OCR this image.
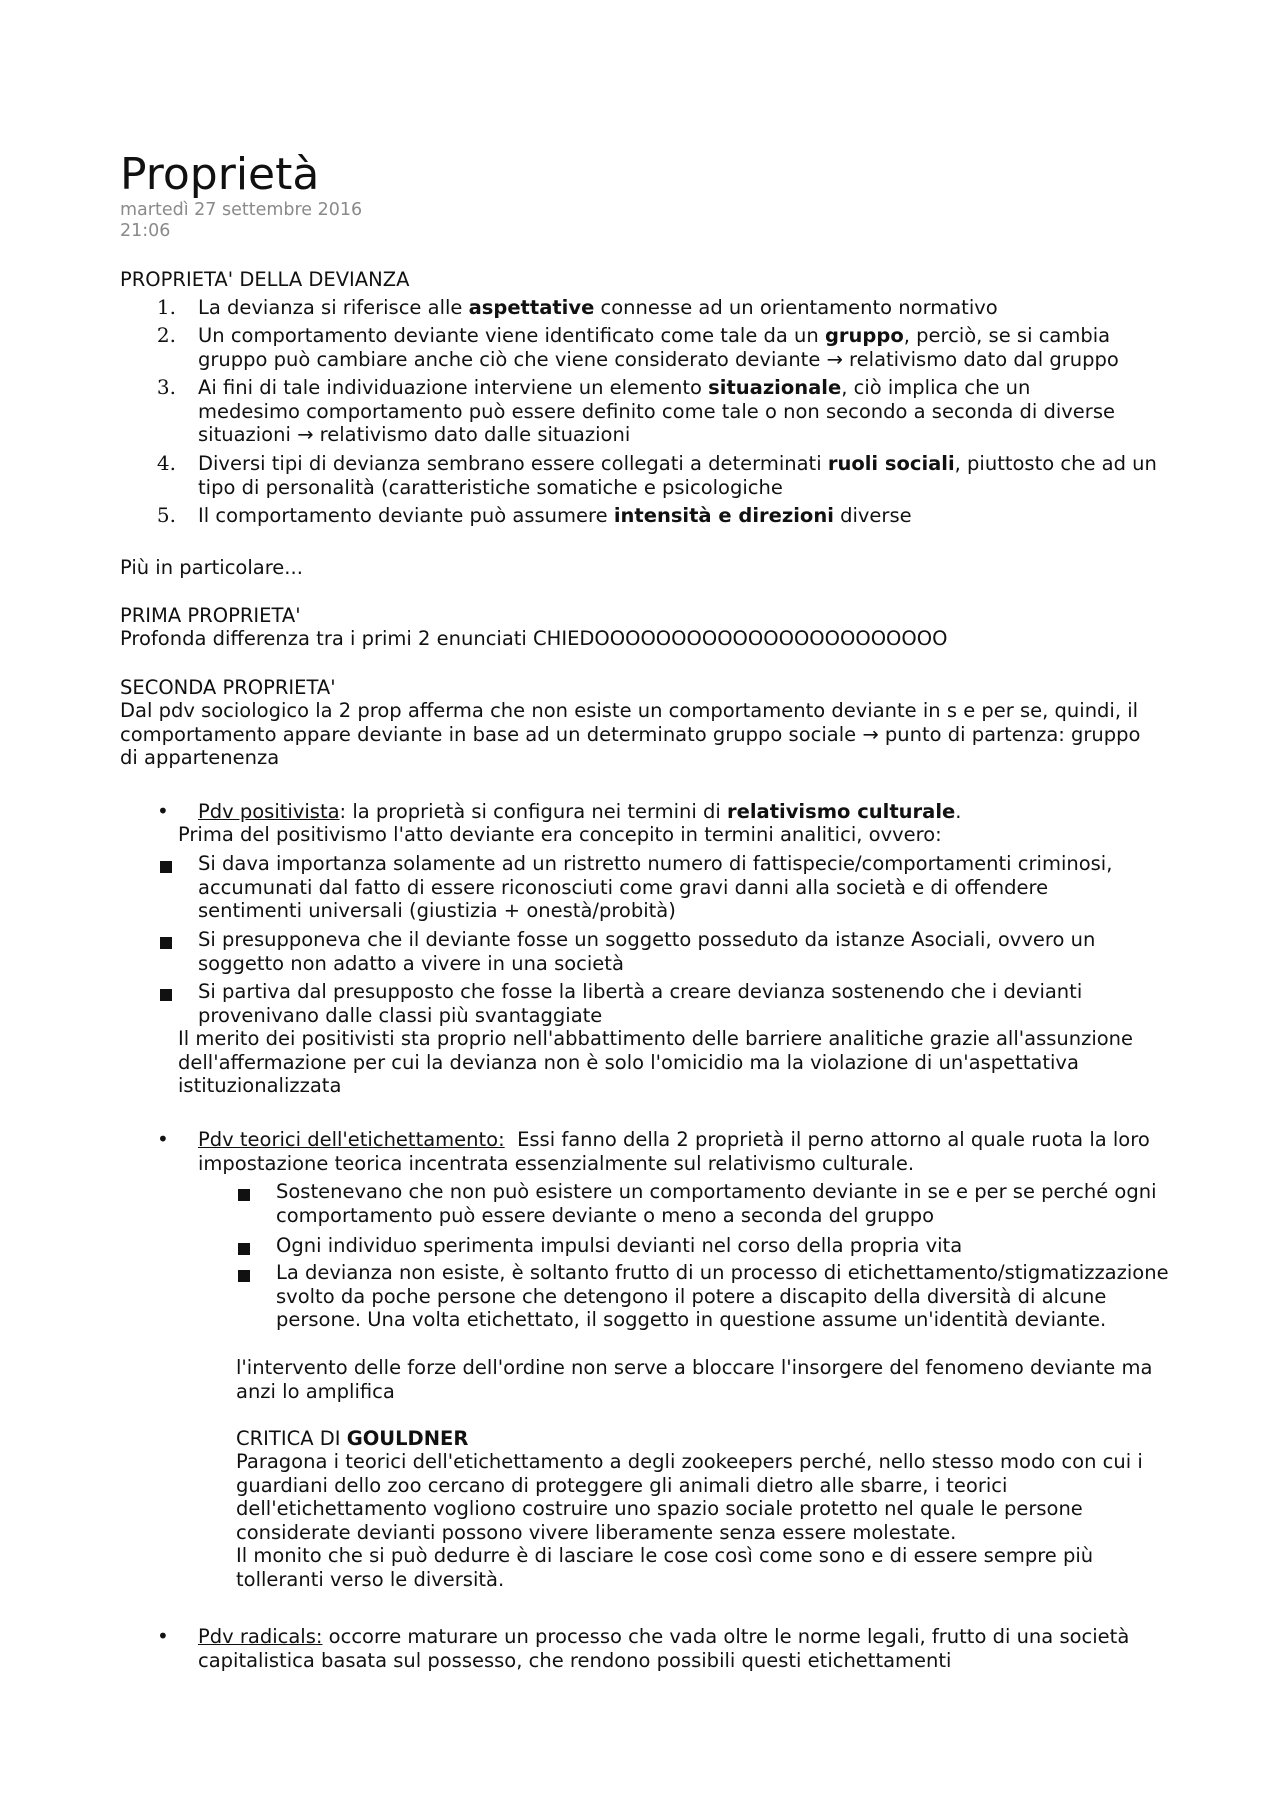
Proprietà
martedì 27 settembre 2016
21:06

PROPRIETA' DELLA DEVIANZA

1. La devianza si riferisce alle aspettative connesse ad un orientamento normativo

2. Un comportamento deviante viene identificato come tale da un gruppo, perciò, se si cambia gruppo può cambiare anche ciò che viene considerato deviante → relativismo dato dal gruppo

3. Ai fini di tale individuazione interviene un elemento situazionale, ciò implica che un medesimo comportamento può essere definito come tale o non secondo a seconda di diverse situazioni → relativismo dato dalle situazioni

4. Diversi tipi di devianza sembrano essere collegati a determinati ruoli sociali, piuttosto che ad un tipo di personalità (caratteristiche somatiche e psicologiche

5. Il comportamento deviante può assumere intensità e direzioni diverse

Più in particolare...

PRIMA PROPRIETA'

Profonda differenza tra i primi 2 enunciati CHIEDOOOOOOOOOOOOOOOOOOOOOOO

SECONDA PROPRIETA'

Dal pdv sociologico la 2 prop afferma che non esiste un comportamento deviante in s e per se, quindi, il comportamento appare deviante in base ad un determinato gruppo sociale → punto di partenza: gruppo di appartenenza

• Pdv positivista: la proprietà si configura nei termini di relativismo culturale.

Prima del positivismo l'atto deviante era concepito in termini analitici, ovvero:

Si dava importanza solamente ad un ristretto numero di fattispecie/comportamenti criminosi, accumunati dal fatto di essere riconosciuti come gravi danni alla società e di offendere sentimenti universali (giustizia + onestà/probità)

Si presupponeva che il deviante fosse un soggetto posseduto da istanze Asociali, ovvero un soggetto non adatto a vivere in una società

Si partiva dal presupposto che fosse la libertà a creare devianza sostenendo che i devianti provenivano dalle classi più svantaggiate

Il merito dei positivisti sta proprio nell'abbattimento delle barriere analitiche grazie all'assunzione dell'affermazione per cui la devianza non è solo l'omicidio ma la violazione di un'aspettativa istituzionalizzata

• Pdv teorici dell'etichettamento:  Essi fanno della 2 proprietà il perno attorno al quale ruota la loro impostazione teorica incentrata essenzialmente sul relativismo culturale.

Sostenevano che non può esistere un comportamento deviante in se e per se perché ogni comportamento può essere deviante o meno a seconda del gruppo

Ogni individuo sperimenta impulsi devianti nel corso della propria vita

La devianza non esiste, è soltanto frutto di un processo di etichettamento/stigmatizzazione svolto da poche persone che detengono il potere a discapito della diversità di alcune persone. Una volta etichettato, il soggetto in questione assume un'identità deviante.

l'intervento delle forze dell'ordine non serve a bloccare l'insorgere del fenomeno deviante ma anzi lo amplifica

CRITICA DI GOULDNER

Paragona i teorici dell'etichettamento a degli zookeepers perché, nello stesso modo con cui i guardiani dello zoo cercano di proteggere gli animali dietro alle sbarre, i teorici dell'etichettamento vogliono costruire uno spazio sociale protetto nel quale le persone considerate devianti possono vivere liberamente senza essere molestate.

Il monito che si può dedurre è di lasciare le cose così come sono e di essere sempre più tolleranti verso le diversità.

• Pdv radicals: occorre maturare un processo che vada oltre le norme legali, frutto di una società capitalistica basata sul possesso, che rendono possibili questi etichettamenti
